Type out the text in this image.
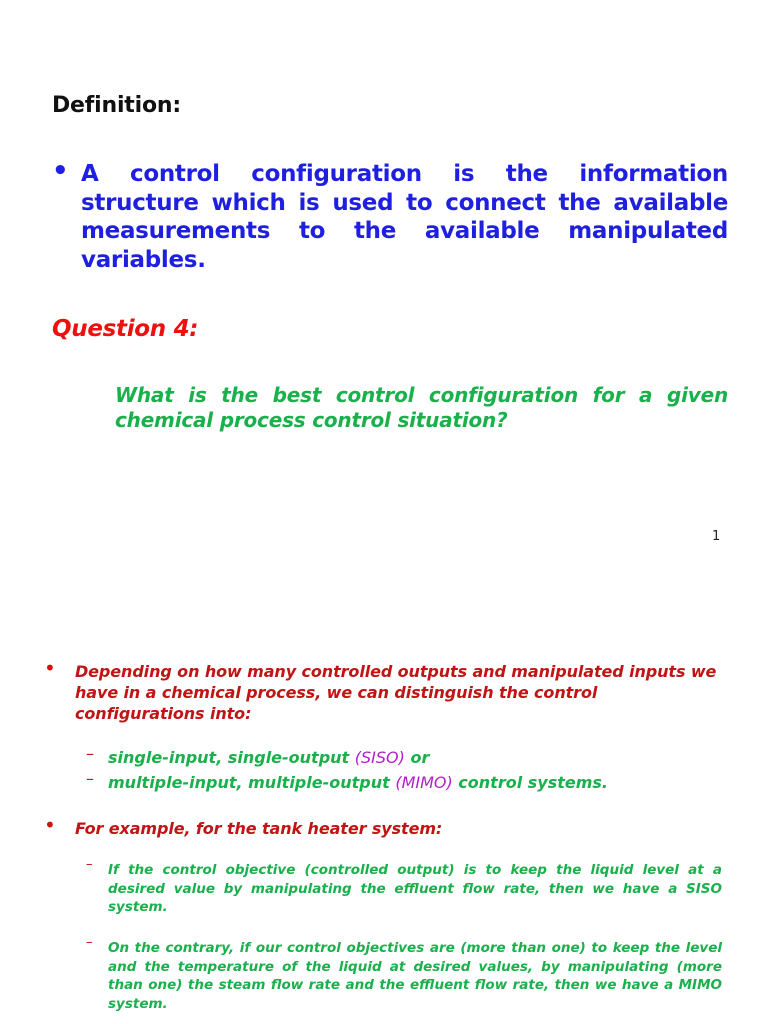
Definition:
• A control configuration is the information structure which is used to connect the available measurements to the available manipulated variables.
Question 4:
What is the best control configuration for a given chemical process control situation?
1
• Depending on how many controlled outputs and manipulated inputs we have in a chemical process, we can distinguish the control configurations into:
– single-input, single-output (SISO) or
– multiple-input, multiple-output (MIMO) control systems.
• For example, for the tank heater system:
– If the control objective (controlled output) is to keep the liquid level at a desired value by manipulating the effluent flow rate, then we have a SISO system.
– On the contrary, if our control objectives are (more than one) to keep the level and the temperature of the liquid at desired values, by manipulating (more than one) the steam flow rate and the effluent flow rate, then we have a MIMO system.
